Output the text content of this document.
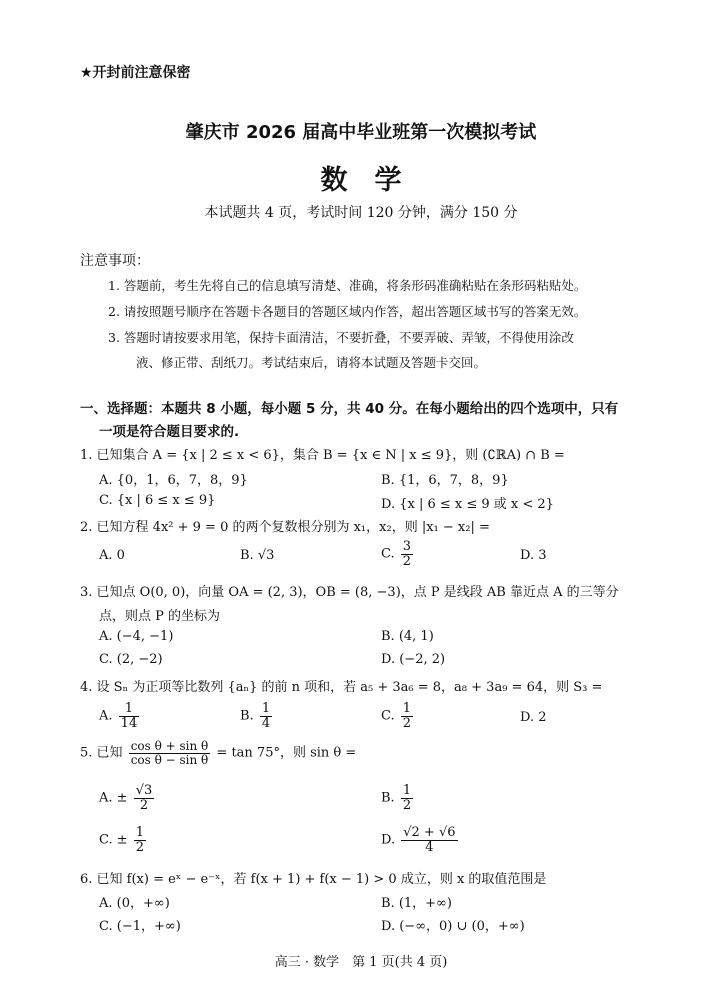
★开封前注意保密
肇庆市 2026 届高中毕业班第一次模拟考试
数　学
本试题共 4 页，考试时间 120 分钟，满分 150 分
注意事项：
1. 答题前，考生先将自己的信息填写清楚、准确，将条形码准确粘贴在条形码粘贴处。
2. 请按照题号顺序在答题卡各题目的答题区域内作答，超出答题区域书写的答案无效。
3. 答题时请按要求用笔，保持卡面清洁，不要折叠，不要弄破、弄皱，不得使用涂改
液、修正带、刮纸刀。考试结束后，请将本试题及答题卡交回。
一、选择题：本题共 8 小题，每小题 5 分，共 40 分。在每小题给出的四个选项中，只有
一项是符合题目要求的.
1. 已知集合 A = {x | 2 ≤ x < 6}，集合 B = {x ∈ N | x ≤ 9}，则 (∁ℝA) ∩ B =
A. {0，1，6，7，8，9}	B. {1，6，7，8，9}
C. {x | 6 ≤ x ≤ 9}	D. {x | 6 ≤ x ≤ 9 或 x < 2}
2. 已知方程 4x² + 9 = 0 的两个复数根分别为 x₁，x₂，则 |x₁ − x₂| =
A. 0	B. √3	C. $\frac{3}{2}$	D. 3
3. 已知点 O(0, 0)，向量 OA = (2, 3)，OB = (8, −3)，点 P 是线段 AB 靠近点 A 的三等分
点，则点 P 的坐标为
A. (−4, −1)	B. (4, 1)
C. (2, −2)	D. (−2, 2)
4. 设 Sₙ 为正项等比数列 {aₙ} 的前 n 项和，若 a₅ + 3a₆ = 8，a₈ + 3a₉ = 64，则 S₃ =
A. $\frac{1}{14}$	B. $\frac{1}{4}$	C. $\frac{1}{2}$	D. 2
5. 已知 $\frac{\text{cos θ + sin θ}}{\text{cos θ − sin θ}} = \tan 75^\circ$，则 sin θ =
A. ± $\frac{√3}{2}$	B. $\frac{1}{2}$
C. ± $\frac{1}{2}$	D. $\frac{√2 + √6}{4}$
6. 已知 f(x) = eˣ − e⁻ˣ，若 f(x + 1) + f(x − 1) > 0 成立，则 x 的取值范围是
A. (0，+∞)	B. (1，+∞)
C. (−1，+∞)	D. (−∞，0) ∪ (0，+∞)
高三 · 数学　第 1 页(共 4 页)
